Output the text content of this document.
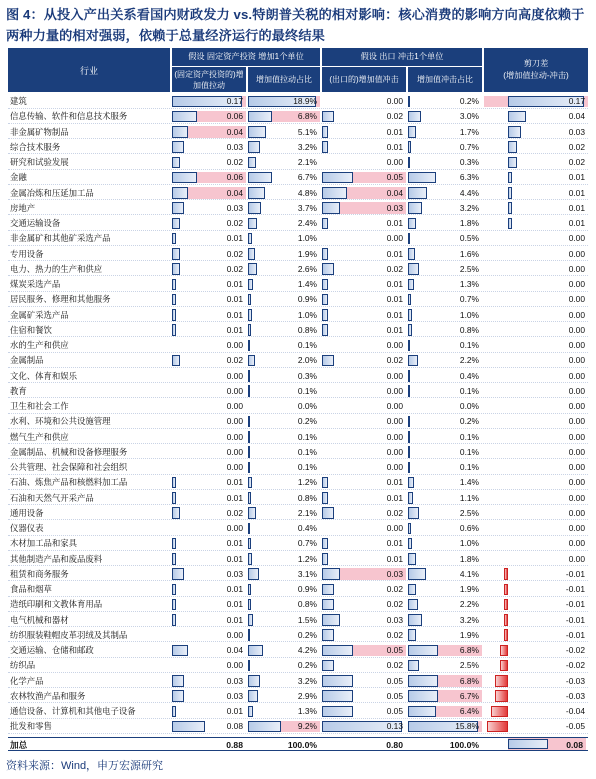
图 4：从投入产出关系看国内财政发力 vs.特朗普关税的相对影响：核心消费的影响方向高度依赖于两种力量的相对强弱，依赖于总量经济运行的最终结果
行业
假设 固定资产投资 增加1个单位	假设 出口 冲击1个单位
(固定资产投资的)增加值拉动
增加值拉动占比	(出口的)增加值冲击	增加值冲击占比
剪刀差
(增加值拉动-冲击)
建筑	0.17	18.9%	0.00	0.2%	0.17
信息传输、软件和信息技术服务	0.06	6.8%	0.02	3.0%	0.04
非金属矿物制品	0.04	5.1%	0.01	1.7%	0.03
综合技术服务	0.03	3.2%	0.01	0.7%	0.02
研究和试验发展	0.02	2.1%	0.00	0.3%	0.02
金融	0.06	6.7%	0.05	6.3%	0.01
金属冶炼和压延加工品	0.04	4.8%	0.04	4.4%	0.01
房地产	0.03	3.7%	0.03	3.2%	0.01
交通运输设备	0.02	2.4%	0.01	1.8%	0.01
非金属矿和其他矿采选产品	0.01	1.0%	0.00	0.5%	0.00
专用设备	0.02	1.9%	0.01	1.6%	0.00
电力、热力的生产和供应	0.02	2.6%	0.02	2.5%	0.00
煤炭采选产品	0.01	1.4%	0.01	1.3%	0.00
居民服务、修理和其他服务	0.01	0.9%	0.01	0.7%	0.00
金属矿采选产品	0.01	1.0%	0.01	1.0%	0.00
住宿和餐饮	0.01	0.8%	0.01	0.8%	0.00
水的生产和供应	0.00	0.1%	0.00	0.1%	0.00
金属制品	0.02	2.0%	0.02	2.2%	0.00
文化、体育和娱乐	0.00	0.3%	0.00	0.4%	0.00
教育	0.00	0.1%	0.00	0.1%	0.00
卫生和社会工作	0.00	0.0%	0.00	0.0%	0.00
水利、环境和公共设施管理	0.00	0.2%	0.00	0.2%	0.00
燃气生产和供应	0.00	0.1%	0.00	0.1%	0.00
金属制品、机械和设备修理服务	0.00	0.1%	0.00	0.1%	0.00
公共管理、社会保障和社会组织	0.00	0.1%	0.00	0.1%	0.00
石油、炼焦产品和核燃料加工品	0.01	1.2%	0.01	1.4%	0.00
石油和天然气开采产品	0.01	0.8%	0.01	1.1%	0.00
通用设备	0.02	2.1%	0.02	2.5%	0.00
仪器仪表	0.00	0.4%	0.00	0.6%	0.00
木材加工品和家具	0.01	0.7%	0.01	1.0%	0.00
其他制造产品和废品废料	0.01	1.2%	0.01	1.8%	0.00
租赁和商务服务	0.03	3.1%	0.03	4.1%	-0.01
食品和烟草	0.01	0.9%	0.02	1.9%	-0.01
造纸印刷和文教体育用品	0.01	0.8%	0.02	2.2%	-0.01
电气机械和器材	0.01	1.5%	0.03	3.2%	-0.01
纺织服装鞋帽皮革羽绒及其制品	0.00	0.2%	0.02	1.9%	-0.01
交通运输、仓储和邮政	0.04	4.2%	0.05	6.8%	-0.02
纺织品	0.00	0.2%	0.02	2.5%	-0.02
化学产品	0.03	3.2%	0.05	6.8%	-0.03
农林牧渔产品和服务	0.03	2.9%	0.05	6.7%	-0.03
通信设备、计算机和其他电子设备	0.01	1.3%	0.05	6.4%	-0.04
批发和零售	0.08	9.2%	0.13	15.8%	-0.05
加总	0.88	100.0%	0.80	100.0%	0.08
资料来源：Wind，申万宏源研究
